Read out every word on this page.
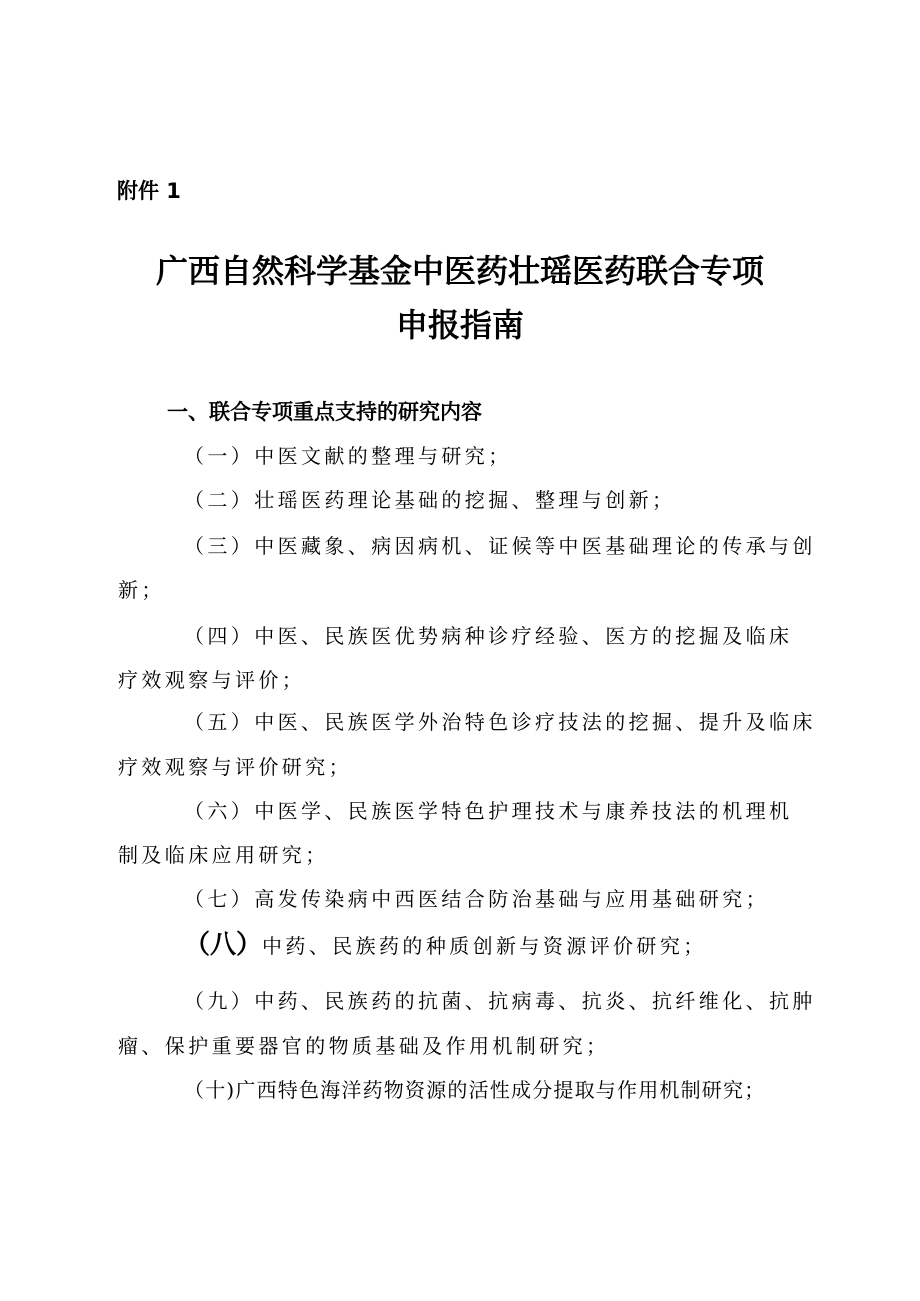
附件 1
广西自然科学基金中医药壮瑶医药联合专项
申报指南
一、联合专项重点支持的研究内容
（一）中医文献的整理与研究；
（二）壮瑶医药理论基础的挖掘、整理与创新；
（三）中医藏象、病因病机、证候等中医基础理论的传承与创
新；
（四）中医、民族医优势病种诊疗经验、医方的挖掘及临床
疗效观察与评价；
（五）中医、民族医学外治特色诊疗技法的挖掘、提升及临床
疗效观察与评价研究；
（六）中医学、民族医学特色护理技术与康养技法的机理机
制及临床应用研究；
（七）高发传染病中西医结合防治基础与应用基础研究；
（八）中药、民族药的种质创新与资源评价研究；
（九）中药、民族药的抗菌、抗病毒、抗炎、抗纤维化、抗肿
瘤、保护重要器官的物质基础及作用机制研究；
（十)广西特色海洋药物资源的活性成分提取与作用机制研究；
